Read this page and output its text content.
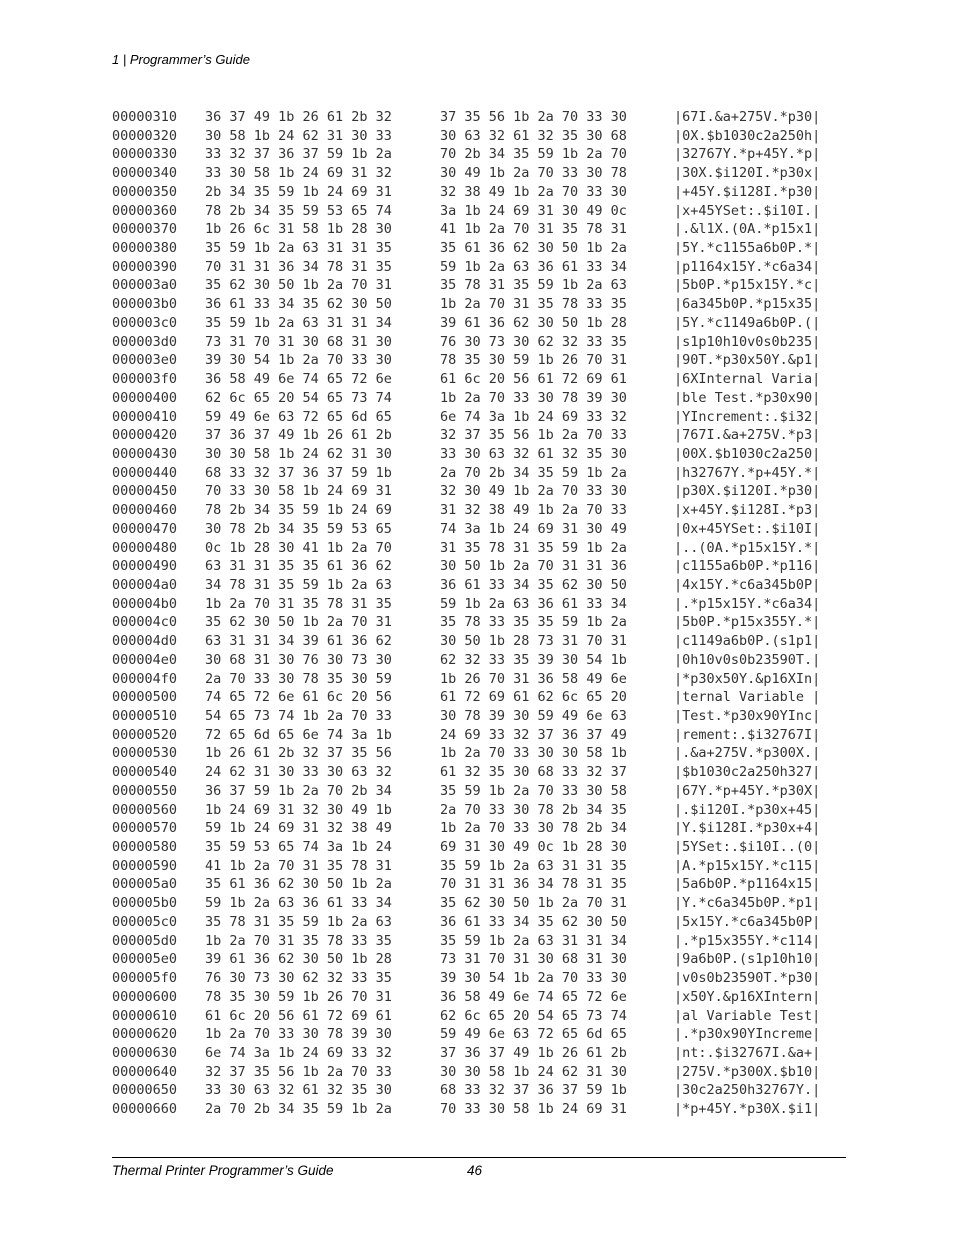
1 | Programmer’s Guide
00000310 36 37 49 1b 26 61 2b 32	37 35 56 1b 2a 70 33 30	|67I.&a+275V.*p30|
00000320 30 58 1b 24 62 31 30 33	30 63 32 61 32 35 30 68	|0X.$b1030c2a250h|
00000330 33 32 37 36 37 59 1b 2a	70 2b 34 35 59 1b 2a 70	|32767Y.*p+45Y.*p|
00000340 33 30 58 1b 24 69 31 32	30 49 1b 2a 70 33 30 78	|30X.$i120I.*p30x|
00000350 2b 34 35 59 1b 24 69 31	32 38 49 1b 2a 70 33 30	|+45Y.$i128I.*p30|
00000360 78 2b 34 35 59 53 65 74	3a 1b 24 69 31 30 49 0c	|x+45YSet:.$i10I.|
00000370 1b 26 6c 31 58 1b 28 30	41 1b 2a 70 31 35 78 31	|.&l1X.(0A.*p15x1|
00000380 35 59 1b 2a 63 31 31 35	35 61 36 62 30 50 1b 2a	|5Y.*c1155a6b0P.*|
00000390 70 31 31 36 34 78 31 35	59 1b 2a 63 36 61 33 34	|p1164x15Y.*c6a34|
000003a0 35 62 30 50 1b 2a 70 31	35 78 31 35 59 1b 2a 63	|5b0P.*p15x15Y.*c|
000003b0 36 61 33 34 35 62 30 50	1b 2a 70 31 35 78 33 35	|6a345b0P.*p15x35|
000003c0 35 59 1b 2a 63 31 31 34	39 61 36 62 30 50 1b 28	|5Y.*c1149a6b0P.(|
000003d0 73 31 70 31 30 68 31 30	76 30 73 30 62 32 33 35	|s1p10h10v0s0b235|
000003e0 39 30 54 1b 2a 70 33 30	78 35 30 59 1b 26 70 31	|90T.*p30x50Y.&p1|
000003f0 36 58 49 6e 74 65 72 6e	61 6c 20 56 61 72 69 61	|6XInternal Varia|
00000400 62 6c 65 20 54 65 73 74	1b 2a 70 33 30 78 39 30	|ble Test.*p30x90|
00000410 59 49 6e 63 72 65 6d 65	6e 74 3a 1b 24 69 33 32	|YIncrement:.$i32|
00000420 37 36 37 49 1b 26 61 2b	32 37 35 56 1b 2a 70 33	|767I.&a+275V.*p3|
00000430 30 30 58 1b 24 62 31 30	33 30 63 32 61 32 35 30	|00X.$b1030c2a250|
00000440 68 33 32 37 36 37 59 1b	2a 70 2b 34 35 59 1b 2a	|h32767Y.*p+45Y.*|
00000450 70 33 30 58 1b 24 69 31	32 30 49 1b 2a 70 33 30	|p30X.$i120I.*p30|
00000460 78 2b 34 35 59 1b 24 69	31 32 38 49 1b 2a 70 33	|x+45Y.$i128I.*p3|
00000470 30 78 2b 34 35 59 53 65	74 3a 1b 24 69 31 30 49	|0x+45YSet:.$i10I|
00000480 0c 1b 28 30 41 1b 2a 70	31 35 78 31 35 59 1b 2a	|..(0A.*p15x15Y.*|
00000490 63 31 31 35 35 61 36 62	30 50 1b 2a 70 31 31 36	|c1155a6b0P.*p116|
000004a0 34 78 31 35 59 1b 2a 63	36 61 33 34 35 62 30 50	|4x15Y.*c6a345b0P|
000004b0 1b 2a 70 31 35 78 31 35	59 1b 2a 63 36 61 33 34	|.*p15x15Y.*c6a34|
000004c0 35 62 30 50 1b 2a 70 31	35 78 33 35 35 59 1b 2a	|5b0P.*p15x355Y.*|
000004d0 63 31 31 34 39 61 36 62	30 50 1b 28 73 31 70 31	|c1149a6b0P.(s1p1|
000004e0 30 68 31 30 76 30 73 30	62 32 33 35 39 30 54 1b	|0h10v0s0b23590T.|
000004f0 2a 70 33 30 78 35 30 59	1b 26 70 31 36 58 49 6e	|*p30x50Y.&p16XIn|
00000500 74 65 72 6e 61 6c 20 56	61 72 69 61 62 6c 65 20	|ternal Variable |
00000510 54 65 73 74 1b 2a 70 33	30 78 39 30 59 49 6e 63	|Test.*p30x90YInc|
00000520 72 65 6d 65 6e 74 3a 1b	24 69 33 32 37 36 37 49	|rement:.$i32767I|
00000530 1b 26 61 2b 32 37 35 56	1b 2a 70 33 30 30 58 1b	|.&a+275V.*p300X.|
00000540 24 62 31 30 33 30 63 32	61 32 35 30 68 33 32 37	|$b1030c2a250h327|
00000550 36 37 59 1b 2a 70 2b 34	35 59 1b 2a 70 33 30 58	|67Y.*p+45Y.*p30X|
00000560 1b 24 69 31 32 30 49 1b	2a 70 33 30 78 2b 34 35	|.$i120I.*p30x+45|
00000570 59 1b 24 69 31 32 38 49	1b 2a 70 33 30 78 2b 34	|Y.$i128I.*p30x+4|
00000580 35 59 53 65 74 3a 1b 24	69 31 30 49 0c 1b 28 30	|5YSet:.$i10I..(0|
00000590 41 1b 2a 70 31 35 78 31	35 59 1b 2a 63 31 31 35	|A.*p15x15Y.*c115|
000005a0 35 61 36 62 30 50 1b 2a	70 31 31 36 34 78 31 35	|5a6b0P.*p1164x15|
000005b0 59 1b 2a 63 36 61 33 34	35 62 30 50 1b 2a 70 31	|Y.*c6a345b0P.*p1|
000005c0 35 78 31 35 59 1b 2a 63	36 61 33 34 35 62 30 50	|5x15Y.*c6a345b0P|
000005d0 1b 2a 70 31 35 78 33 35	35 59 1b 2a 63 31 31 34	|.*p15x355Y.*c114|
000005e0 39 61 36 62 30 50 1b 28	73 31 70 31 30 68 31 30	|9a6b0P.(s1p10h10|
000005f0 76 30 73 30 62 32 33 35	39 30 54 1b 2a 70 33 30	|v0s0b23590T.*p30|
00000600 78 35 30 59 1b 26 70 31	36 58 49 6e 74 65 72 6e	|x50Y.&p16XIntern|
00000610 61 6c 20 56 61 72 69 61	62 6c 65 20 54 65 73 74	|al Variable Test|
00000620 1b 2a 70 33 30 78 39 30	59 49 6e 63 72 65 6d 65	|.*p30x90YIncreme|
00000630 6e 74 3a 1b 24 69 33 32	37 36 37 49 1b 26 61 2b	|nt:.$i32767I.&a+|
00000640 32 37 35 56 1b 2a 70 33	30 30 58 1b 24 62 31 30	|275V.*p300X.$b10|
00000650 33 30 63 32 61 32 35 30	68 33 32 37 36 37 59 1b	|30c2a250h32767Y.|
00000660 2a 70 2b 34 35 59 1b 2a	70 33 30 58 1b 24 69 31	|*p+45Y.*p30X.$i1|
Thermal Printer Programmer’s Guide	46
